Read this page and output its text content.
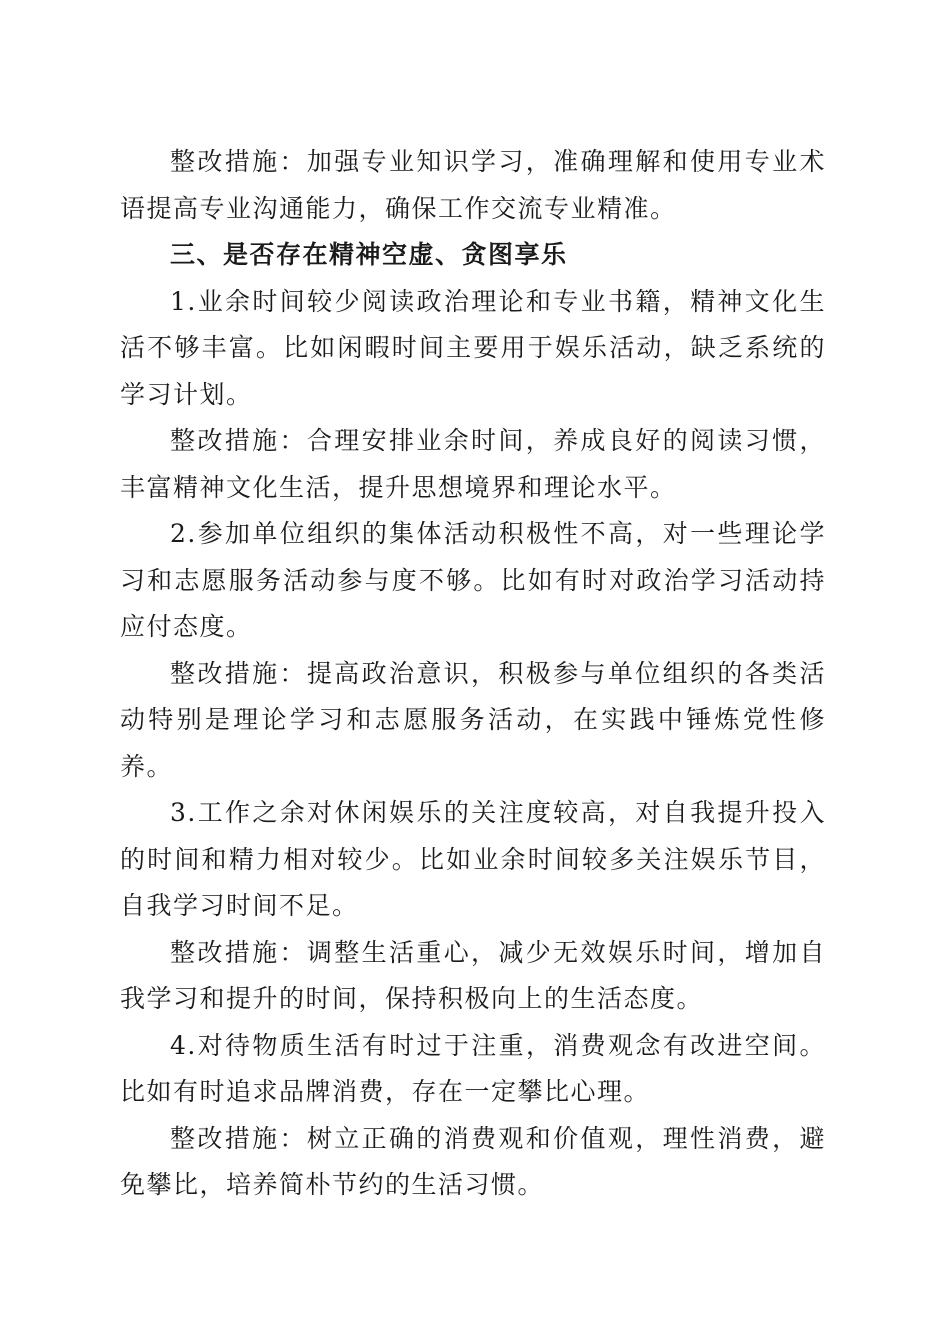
整改措施：加强专业知识学习，准确理解和使用专业术语提高专业沟通能力，确保工作交流专业精准。

三、是否存在精神空虚、贪图享乐

1.业余时间较少阅读政治理论和专业书籍，精神文化生活不够丰富。比如闲暇时间主要用于娱乐活动，缺乏系统的学习计划。

整改措施：合理安排业余时间，养成良好的阅读习惯，丰富精神文化生活，提升思想境界和理论水平。

2.参加单位组织的集体活动积极性不高，对一些理论学习和志愿服务活动参与度不够。比如有时对政治学习活动持应付态度。

整改措施：提高政治意识，积极参与单位组织的各类活动特别是理论学习和志愿服务活动，在实践中锤炼党性修养。

3.工作之余对休闲娱乐的关注度较高，对自我提升投入的时间和精力相对较少。比如业余时间较多关注娱乐节目，自我学习时间不足。

整改措施：调整生活重心，减少无效娱乐时间，增加自我学习和提升的时间，保持积极向上的生活态度。

4.对待物质生活有时过于注重，消费观念有改进空间。比如有时追求品牌消费，存在一定攀比心理。

整改措施：树立正确的消费观和价值观，理性消费，避免攀比，培养简朴节约的生活习惯。
